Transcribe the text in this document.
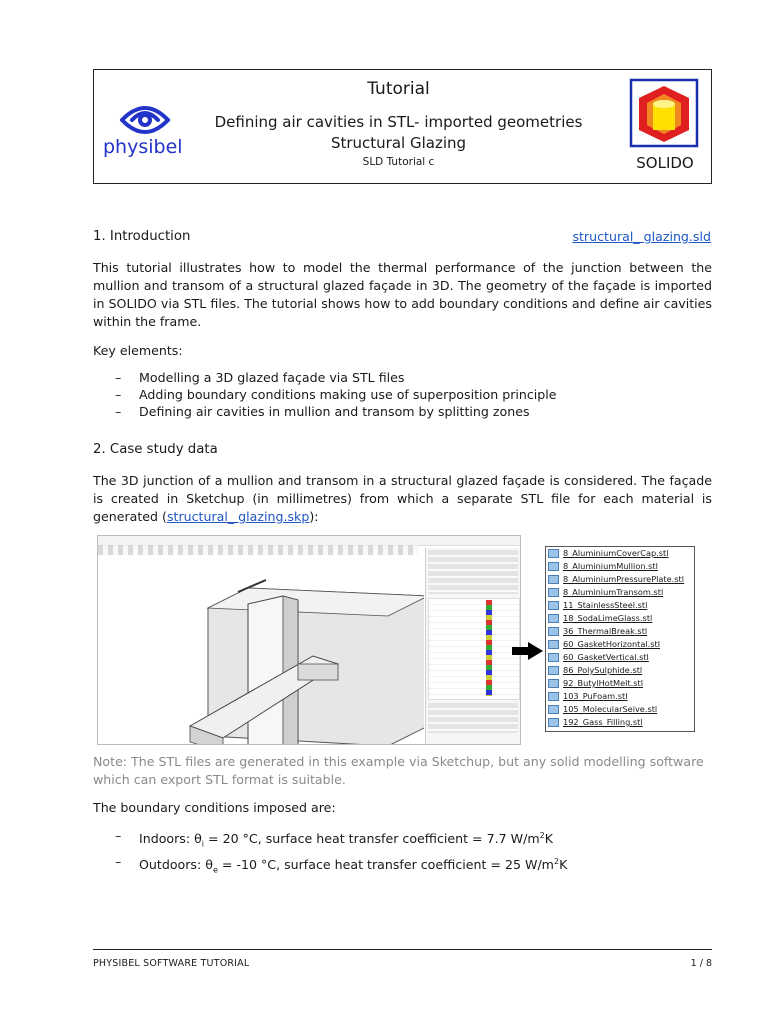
physibel
Tutorial
Defining air cavities in STL- imported geometries
Structural Glazing
SLD Tutorial c	SOLIDO
1. Introduction	structural_ glazing.sld
This tutorial illustrates how to model the thermal performance of the junction between the mullion and transom of a structural glazed façade in 3D. The geometry of the façade is imported in SOLIDO via STL files. The tutorial shows how to add boundary conditions and define air cavities within the frame.
Key elements:
– Modelling a 3D glazed façade via STL files
– Adding boundary conditions making use of superposition principle
– Defining air cavities in mullion and transom by splitting zones
2. Case study data
The 3D junction of a mullion and transom in a structural glazed façade is considered. The façade is created in Sketchup (in millimetres) from which a separate STL file for each material is generated (structural_ glazing.skp):
8_AluminiumCoverCap.stl
8_AluminiumMullion.stl
8_AluminiumPressurePlate.stl
8_AluminiumTransom.stl
11_StainlessSteel.stl
18_SodaLimeGlass.stl
36_ThermalBreak.stl
60_GasketHorizontal.stl
60_GasketVertical.stl
86_PolySulphide.stl
92_ButylHotMelt.stl
103_PuFoam.stl
105_MolecularSeive.stl
192_Gass_Filling.stl
Note: The STL files are generated in this example via Sketchup, but any solid modelling software which can export STL format is suitable.
The boundary conditions imposed are:
– Indoors: $\theta_i = 20$ °C, surface heat transfer coefficient = 7.7 $W/m^2K$
– Outdoors: $\theta_e = -10$ °C, surface heat transfer coefficient = 25 $W/m^2K$
PHYSIBEL SOFTWARE TUTORIAL	1 / 8
